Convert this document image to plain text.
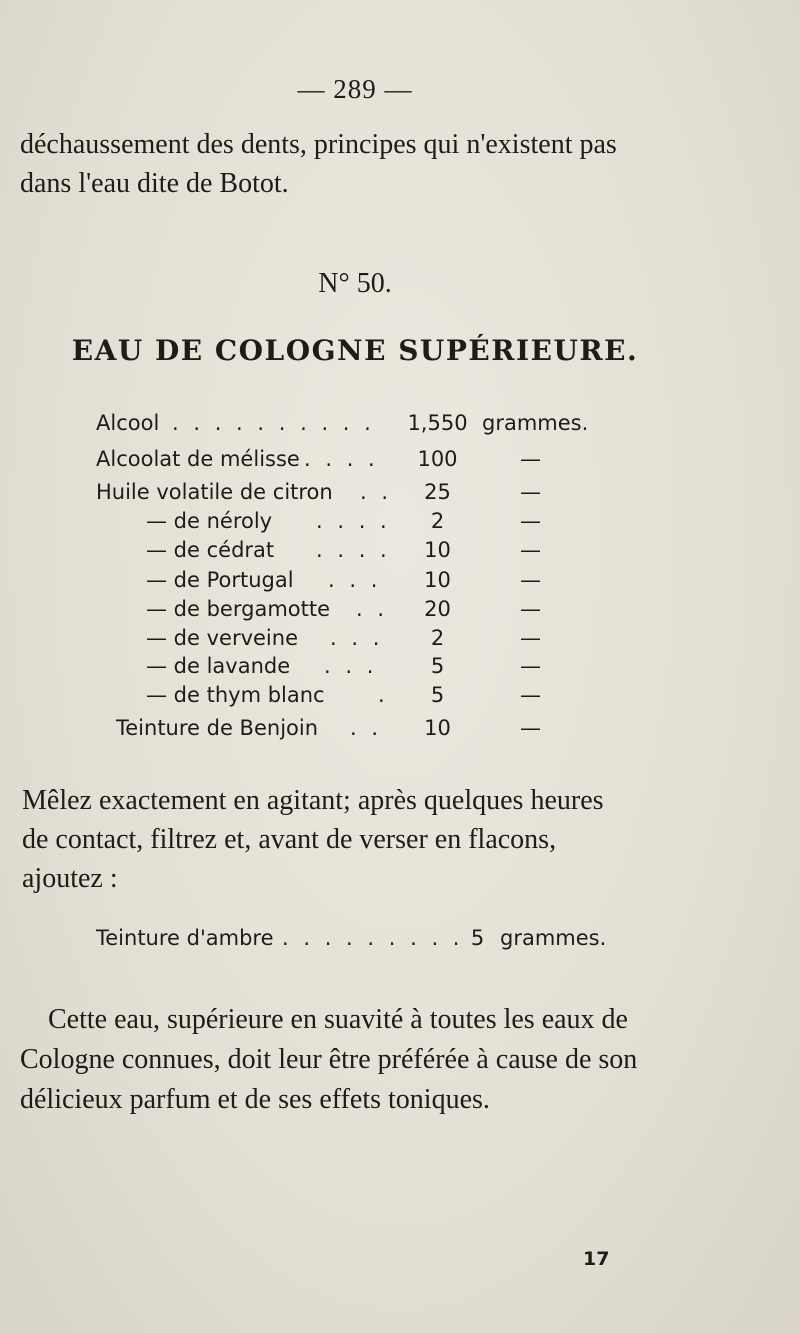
— 289 —
déchaussement des dents, principes qui n'existent pas
dans l'eau dite de Botot.
N° 50.
EAU DE COLOGNE SUPÉRIEURE.
Alcool . . . . . . . . . .	1,550 grammes.
Alcoolat de mélisse . . . .	100	—
Huile volatile de citron . .	25	—
— de néroly . . . .	2	—
— de cédrat . . . .	10	—
— de Portugal . . .	10	—
— de bergamotte . .	20	—
— de verveine . . .	2	—
— de lavande . . .	5	—
— de thym blanc	.	5	—
Teinture de Benjoin . .	10	—
Mêlez exactement en agitant; après quelques heures
de contact, filtrez et, avant de verser en flacons,
ajoutez :
Teinture d'ambre . . . . . . . . . 5 grammes.
Cette eau, supérieure en suavité à toutes les eaux de
Cologne connues, doit leur être préférée à cause de son
délicieux parfum et de ses effets toniques.
17
